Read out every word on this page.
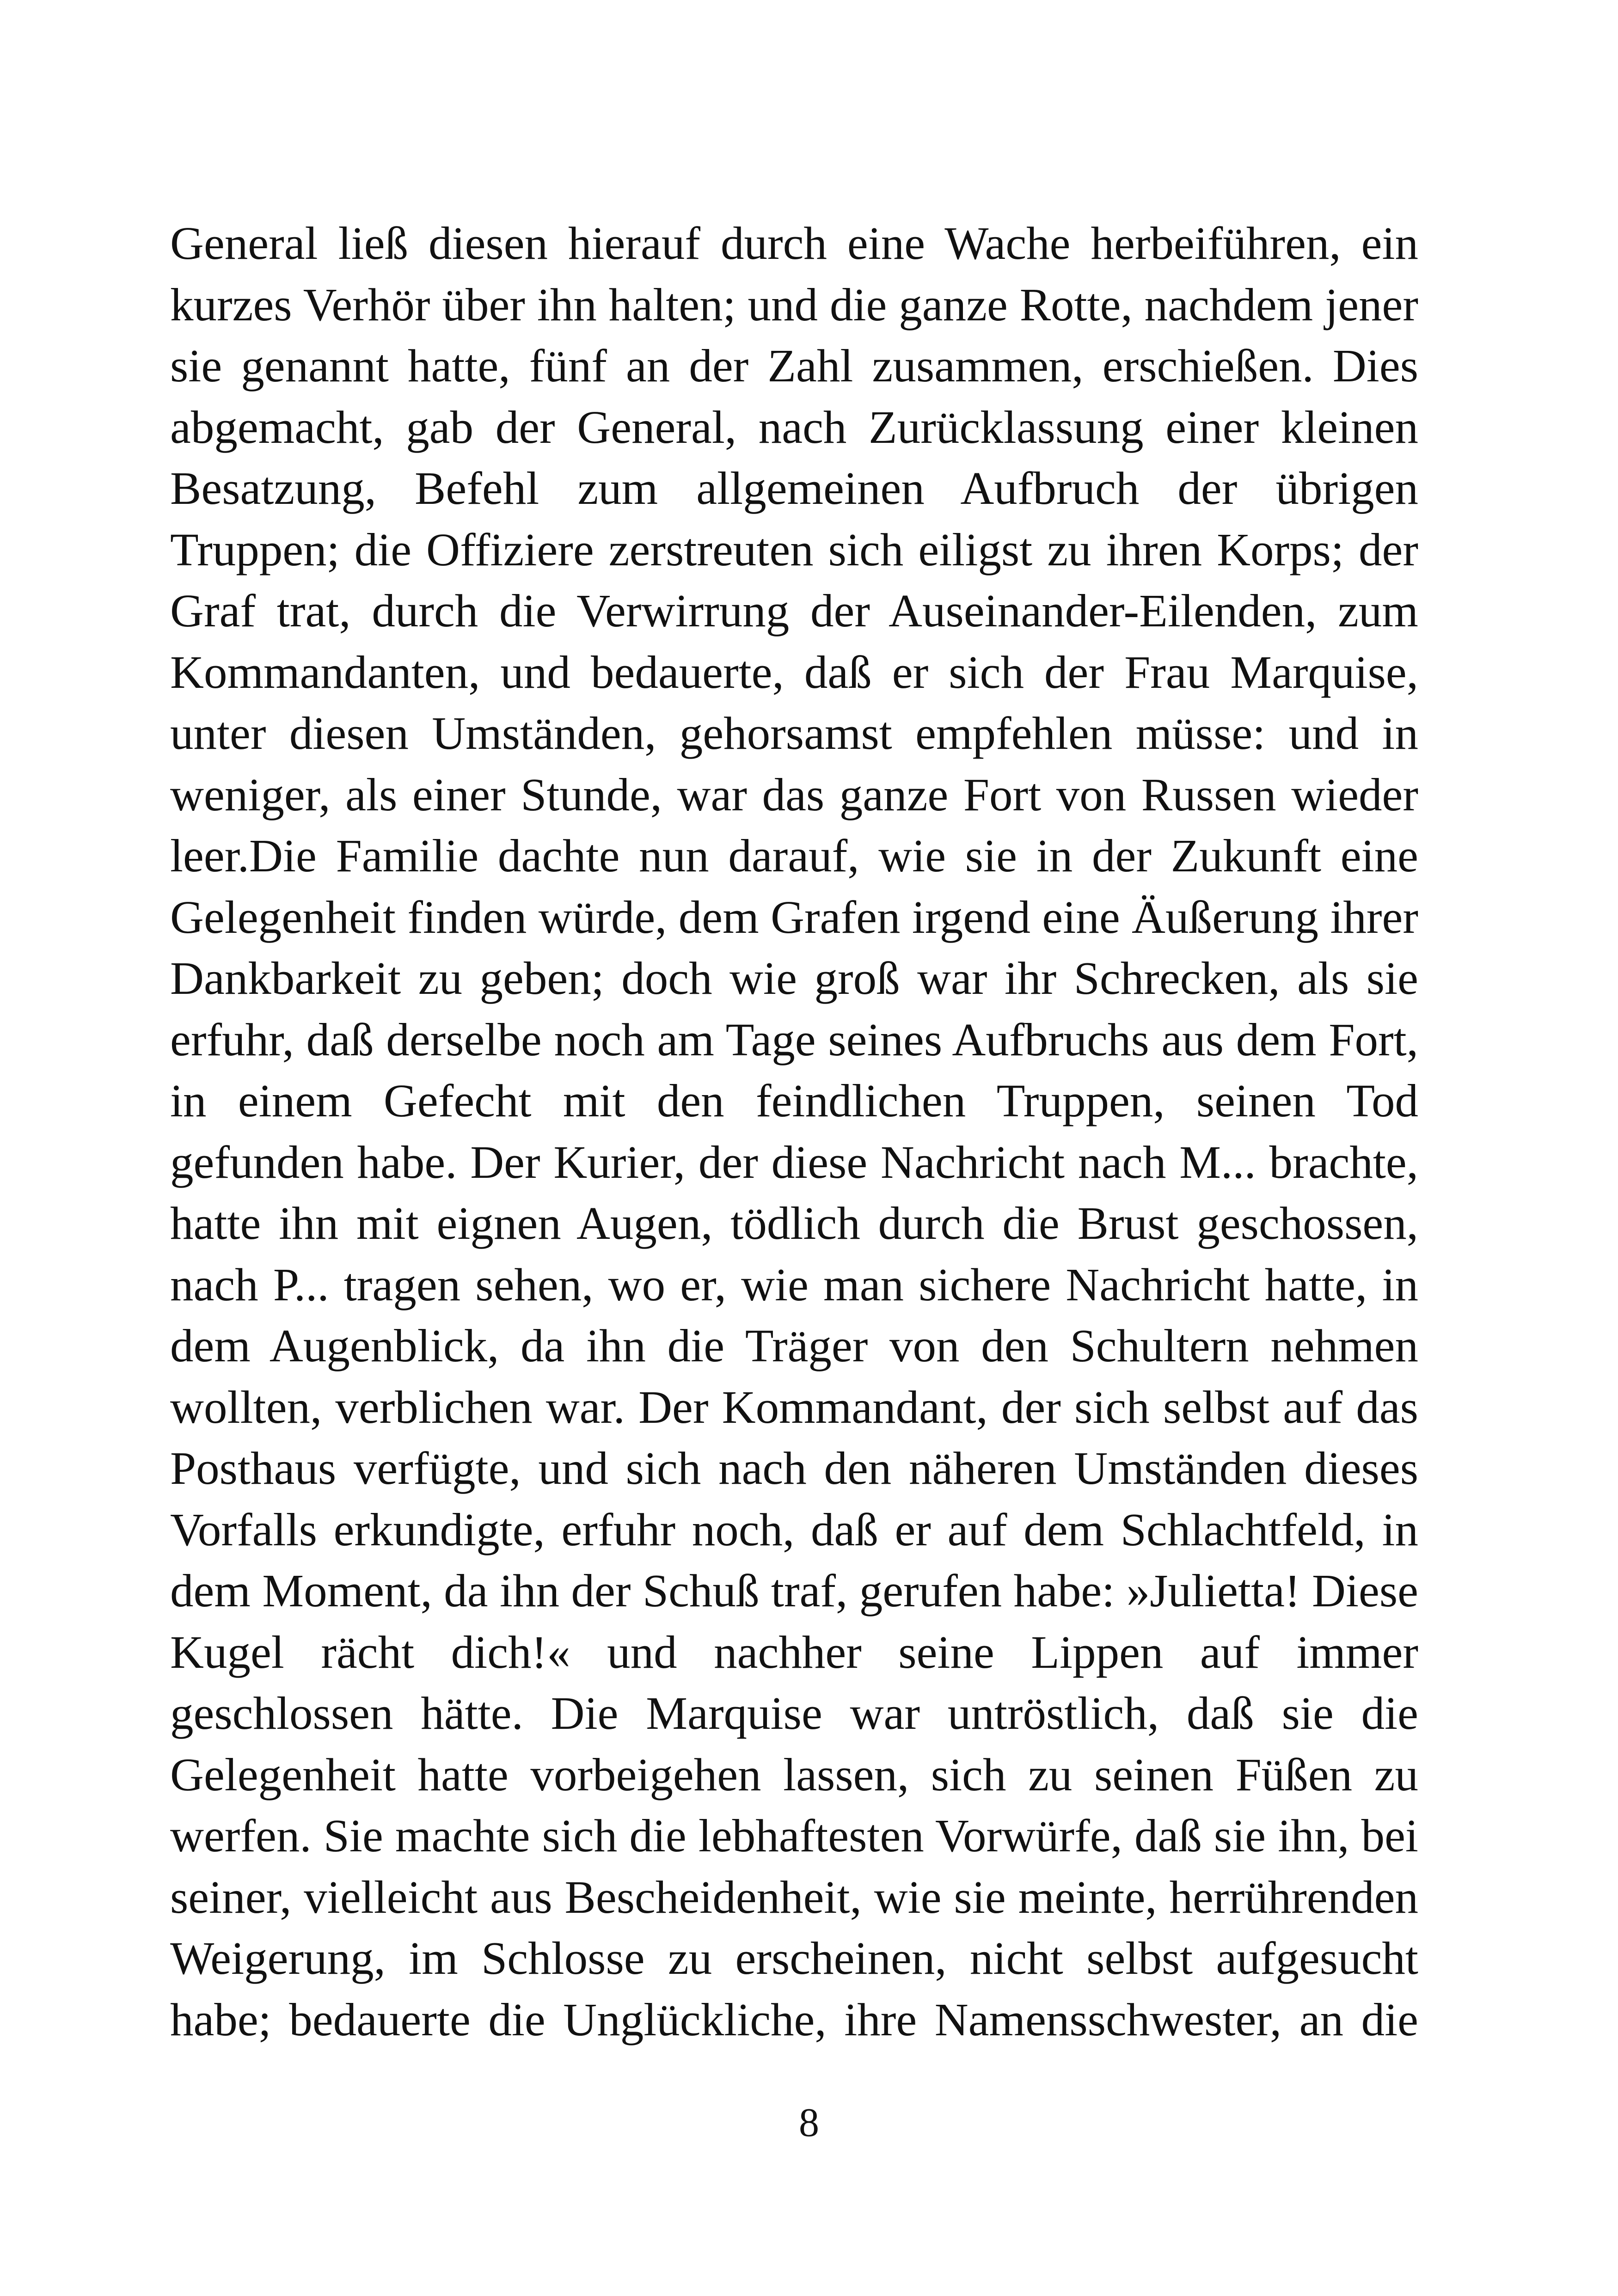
General ließ diesen hierauf durch eine Wache herbeiführen, ein
kurzes Verhör über ihn halten; und die ganze Rotte, nachdem jener
sie genannt hatte, fünf an der Zahl zusammen, erschießen. Dies
abgemacht, gab der General, nach Zurücklassung einer kleinen
Besatzung, Befehl zum allgemeinen Aufbruch der übrigen
Truppen; die Offiziere zerstreuten sich eiligst zu ihren Korps; der
Graf trat, durch die Verwirrung der Auseinander-Eilenden, zum
Kommandanten, und bedauerte, daß er sich der Frau Marquise,
unter diesen Umständen, gehorsamst empfehlen müsse: und in
weniger, als einer Stunde, war das ganze Fort von Russen wieder
leer.Die Familie dachte nun darauf, wie sie in der Zukunft eine
Gelegenheit finden würde, dem Grafen irgend eine Äußerung ihrer
Dankbarkeit zu geben; doch wie groß war ihr Schrecken, als sie
erfuhr, daß derselbe noch am Tage seines Aufbruchs aus dem Fort,
in einem Gefecht mit den feindlichen Truppen, seinen Tod
gefunden habe. Der Kurier, der diese Nachricht nach M... brachte,
hatte ihn mit eignen Augen, tödlich durch die Brust geschossen,
nach P... tragen sehen, wo er, wie man sichere Nachricht hatte, in
dem Augenblick, da ihn die Träger von den Schultern nehmen
wollten, verblichen war. Der Kommandant, der sich selbst auf das
Posthaus verfügte, und sich nach den näheren Umständen dieses
Vorfalls erkundigte, erfuhr noch, daß er auf dem Schlachtfeld, in
dem Moment, da ihn der Schuß traf, gerufen habe: »Julietta! Diese
Kugel rächt dich!« und nachher seine Lippen auf immer
geschlossen hätte. Die Marquise war untröstlich, daß sie die
Gelegenheit hatte vorbeigehen lassen, sich zu seinen Füßen zu
werfen. Sie machte sich die lebhaftesten Vorwürfe, daß sie ihn, bei
seiner, vielleicht aus Bescheidenheit, wie sie meinte, herrührenden
Weigerung, im Schlosse zu erscheinen, nicht selbst aufgesucht
habe; bedauerte die Unglückliche, ihre Namensschwester, an die
8
